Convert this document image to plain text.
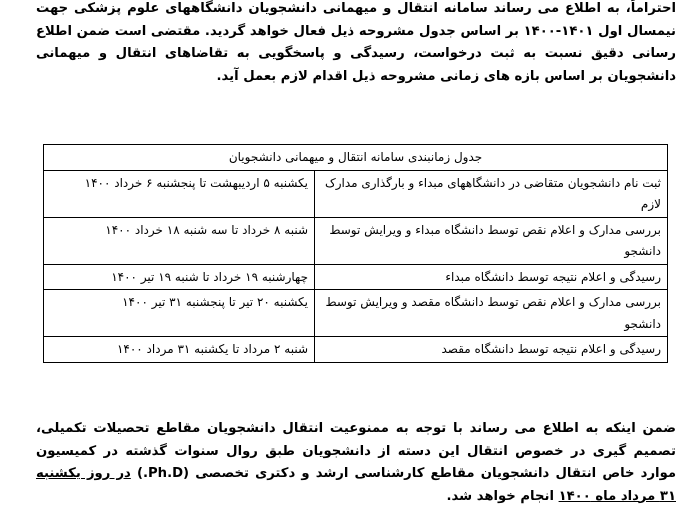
احتراماً، به اطلاع می رساند سامانه انتقال و میهمانی دانشجویان دانشگاههای علوم پزشکی جهت نیمسال اول ۱۴۰۱-۱۴۰۰ بر اساس جدول مشروحه ذیل فعال خواهد گردید. مقتضی است ضمن اطلاع رسانی دقیق نسبت به ثبت درخواست، رسیدگی و پاسخگویی به تقاضاهای انتقال و میهمانی دانشجویان بر اساس بازه های زمانی مشروحه ذیل اقدام لازم بعمل آید.
جدول زمانبندی سامانه انتقال و میهمانی دانشجویان	
ثبت نام دانشجویان متقاضی در دانشگاههای مبداء و بارگذاری مدارک لازم	یکشنبه ۵ اردیبهشت تا پنجشنبه ۶ خرداد ۱۴۰۰
بررسی مدارک و اعلام نقص توسط دانشگاه مبداء و ویرایش توسط دانشجو	شنبه ۸ خرداد تا سه شنبه ۱۸ خرداد ۱۴۰۰
رسیدگی و اعلام نتیجه توسط دانشگاه مبداء	چهارشنبه ۱۹ خرداد تا شنبه ۱۹ تیر ۱۴۰۰
بررسی مدارک و اعلام نقص توسط دانشگاه مقصد و ویرایش توسط دانشجو	یکشنبه ۲۰ تیر تا پنجشنبه ۳۱ تیر ۱۴۰۰
رسیدگی و اعلام نتیجه توسط دانشگاه مقصد	شنبه ۲ مرداد تا یکشنبه ۳۱ مرداد ۱۴۰۰
ضمن اینکه به اطلاع می رساند با توجه به ممنوعیت انتقال دانشجویان مقاطع تحصیلات تکمیلی، تصمیم گیری در خصوص انتقال این دسته از دانشجویان طبق روال سنوات گذشته در کمیسیون موارد خاص انتقال دانشجویان مقاطع کارشناسی ارشد و دکتری تخصصی (Ph.D.) در روز یکشنبه ۳۱ مرداد ماه ۱۴۰۰ انجام خواهد شد.
